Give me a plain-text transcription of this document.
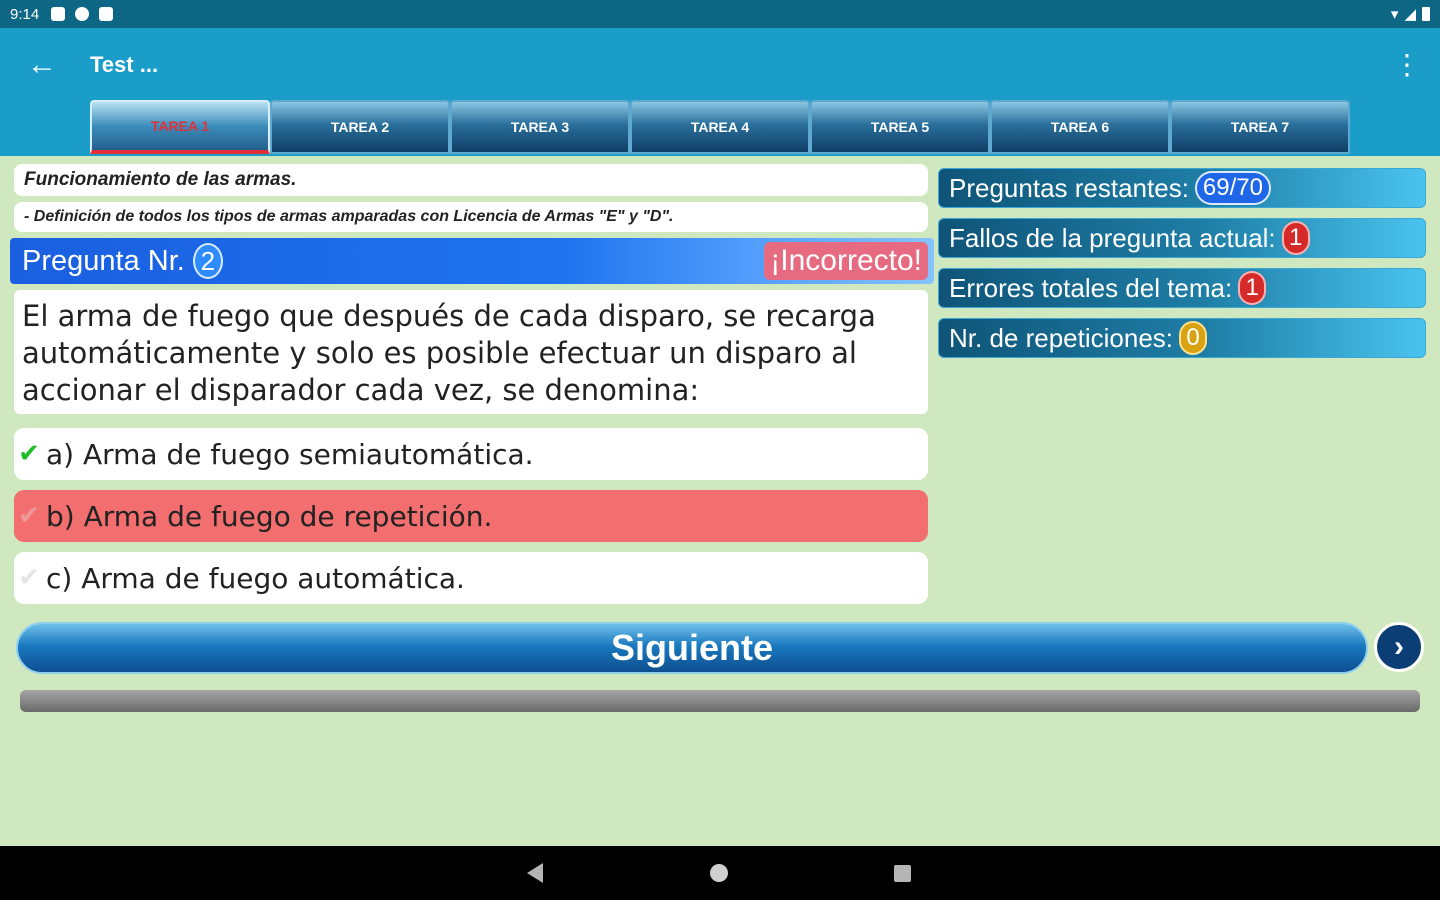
9:14	▾ ◢
← Test ...	⋮
TAREA 1	TAREA 2	TAREA 3	TAREA 4	TAREA 5	TAREA 6	TAREA 7
Funcionamiento de las armas.
- Definición de todos los tipos de armas amparadas con Licencia de Armas "E" y "D".
Pregunta Nr. 2	¡Incorrecto!
El arma de fuego que después de cada disparo, se recarga automáticamente y solo es posible efectuar un disparo al accionar el disparador cada vez, se denomina:
✔ a) Arma de fuego semiautomática.
✔ b) Arma de fuego de repetición.
✔ c) Arma de fuego automática.
Preguntas restantes: 69/70
Fallos de la pregunta actual: 1
Errores totales del tema: 1
Nr. de repeticiones: 0
Siguiente	›
